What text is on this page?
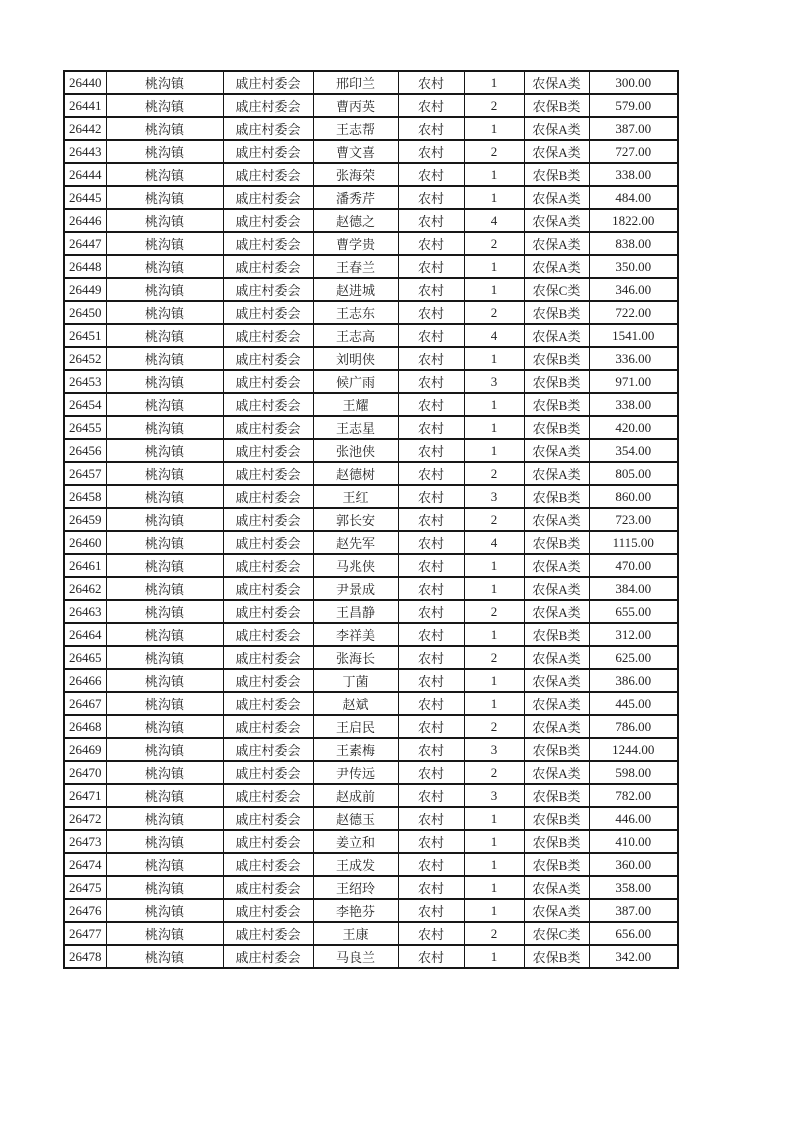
26440	桃沟镇	戚庄村委会	邢印兰	农村	1	农保A类	300.00
26441	桃沟镇	戚庄村委会	曹丙英	农村	2	农保B类	579.00
26442	桃沟镇	戚庄村委会	王志帮	农村	1	农保A类	387.00
26443	桃沟镇	戚庄村委会	曹文喜	农村	2	农保A类	727.00
26444	桃沟镇	戚庄村委会	张海荣	农村	1	农保B类	338.00
26445	桃沟镇	戚庄村委会	潘秀芹	农村	1	农保A类	484.00
26446	桃沟镇	戚庄村委会	赵德之	农村	4	农保A类	1822.00
26447	桃沟镇	戚庄村委会	曹学贵	农村	2	农保A类	838.00
26448	桃沟镇	戚庄村委会	王春兰	农村	1	农保A类	350.00
26449	桃沟镇	戚庄村委会	赵进城	农村	1	农保C类	346.00
26450	桃沟镇	戚庄村委会	王志东	农村	2	农保B类	722.00
26451	桃沟镇	戚庄村委会	王志高	农村	4	农保A类	1541.00
26452	桃沟镇	戚庄村委会	刘明侠	农村	1	农保B类	336.00
26453	桃沟镇	戚庄村委会	候广雨	农村	3	农保B类	971.00
26454	桃沟镇	戚庄村委会	王耀	农村	1	农保B类	338.00
26455	桃沟镇	戚庄村委会	王志星	农村	1	农保B类	420.00
26456	桃沟镇	戚庄村委会	张池侠	农村	1	农保A类	354.00
26457	桃沟镇	戚庄村委会	赵德树	农村	2	农保A类	805.00
26458	桃沟镇	戚庄村委会	王红	农村	3	农保B类	860.00
26459	桃沟镇	戚庄村委会	郭长安	农村	2	农保A类	723.00
26460	桃沟镇	戚庄村委会	赵先军	农村	4	农保B类	1115.00
26461	桃沟镇	戚庄村委会	马兆侠	农村	1	农保A类	470.00
26462	桃沟镇	戚庄村委会	尹景成	农村	1	农保A类	384.00
26463	桃沟镇	戚庄村委会	王昌静	农村	2	农保A类	655.00
26464	桃沟镇	戚庄村委会	李祥美	农村	1	农保B类	312.00
26465	桃沟镇	戚庄村委会	张海长	农村	2	农保A类	625.00
26466	桃沟镇	戚庄村委会	丁菌	农村	1	农保A类	386.00
26467	桃沟镇	戚庄村委会	赵斌	农村	1	农保A类	445.00
26468	桃沟镇	戚庄村委会	王启民	农村	2	农保A类	786.00
26469	桃沟镇	戚庄村委会	王素梅	农村	3	农保B类	1244.00
26470	桃沟镇	戚庄村委会	尹传远	农村	2	农保A类	598.00
26471	桃沟镇	戚庄村委会	赵成前	农村	3	农保B类	782.00
26472	桃沟镇	戚庄村委会	赵德玉	农村	1	农保B类	446.00
26473	桃沟镇	戚庄村委会	姜立和	农村	1	农保B类	410.00
26474	桃沟镇	戚庄村委会	王成发	农村	1	农保B类	360.00
26475	桃沟镇	戚庄村委会	王绍玲	农村	1	农保A类	358.00
26476	桃沟镇	戚庄村委会	李艳芬	农村	1	农保A类	387.00
26477	桃沟镇	戚庄村委会	王康	农村	2	农保C类	656.00
26478	桃沟镇	戚庄村委会	马良兰	农村	1	农保B类	342.00
